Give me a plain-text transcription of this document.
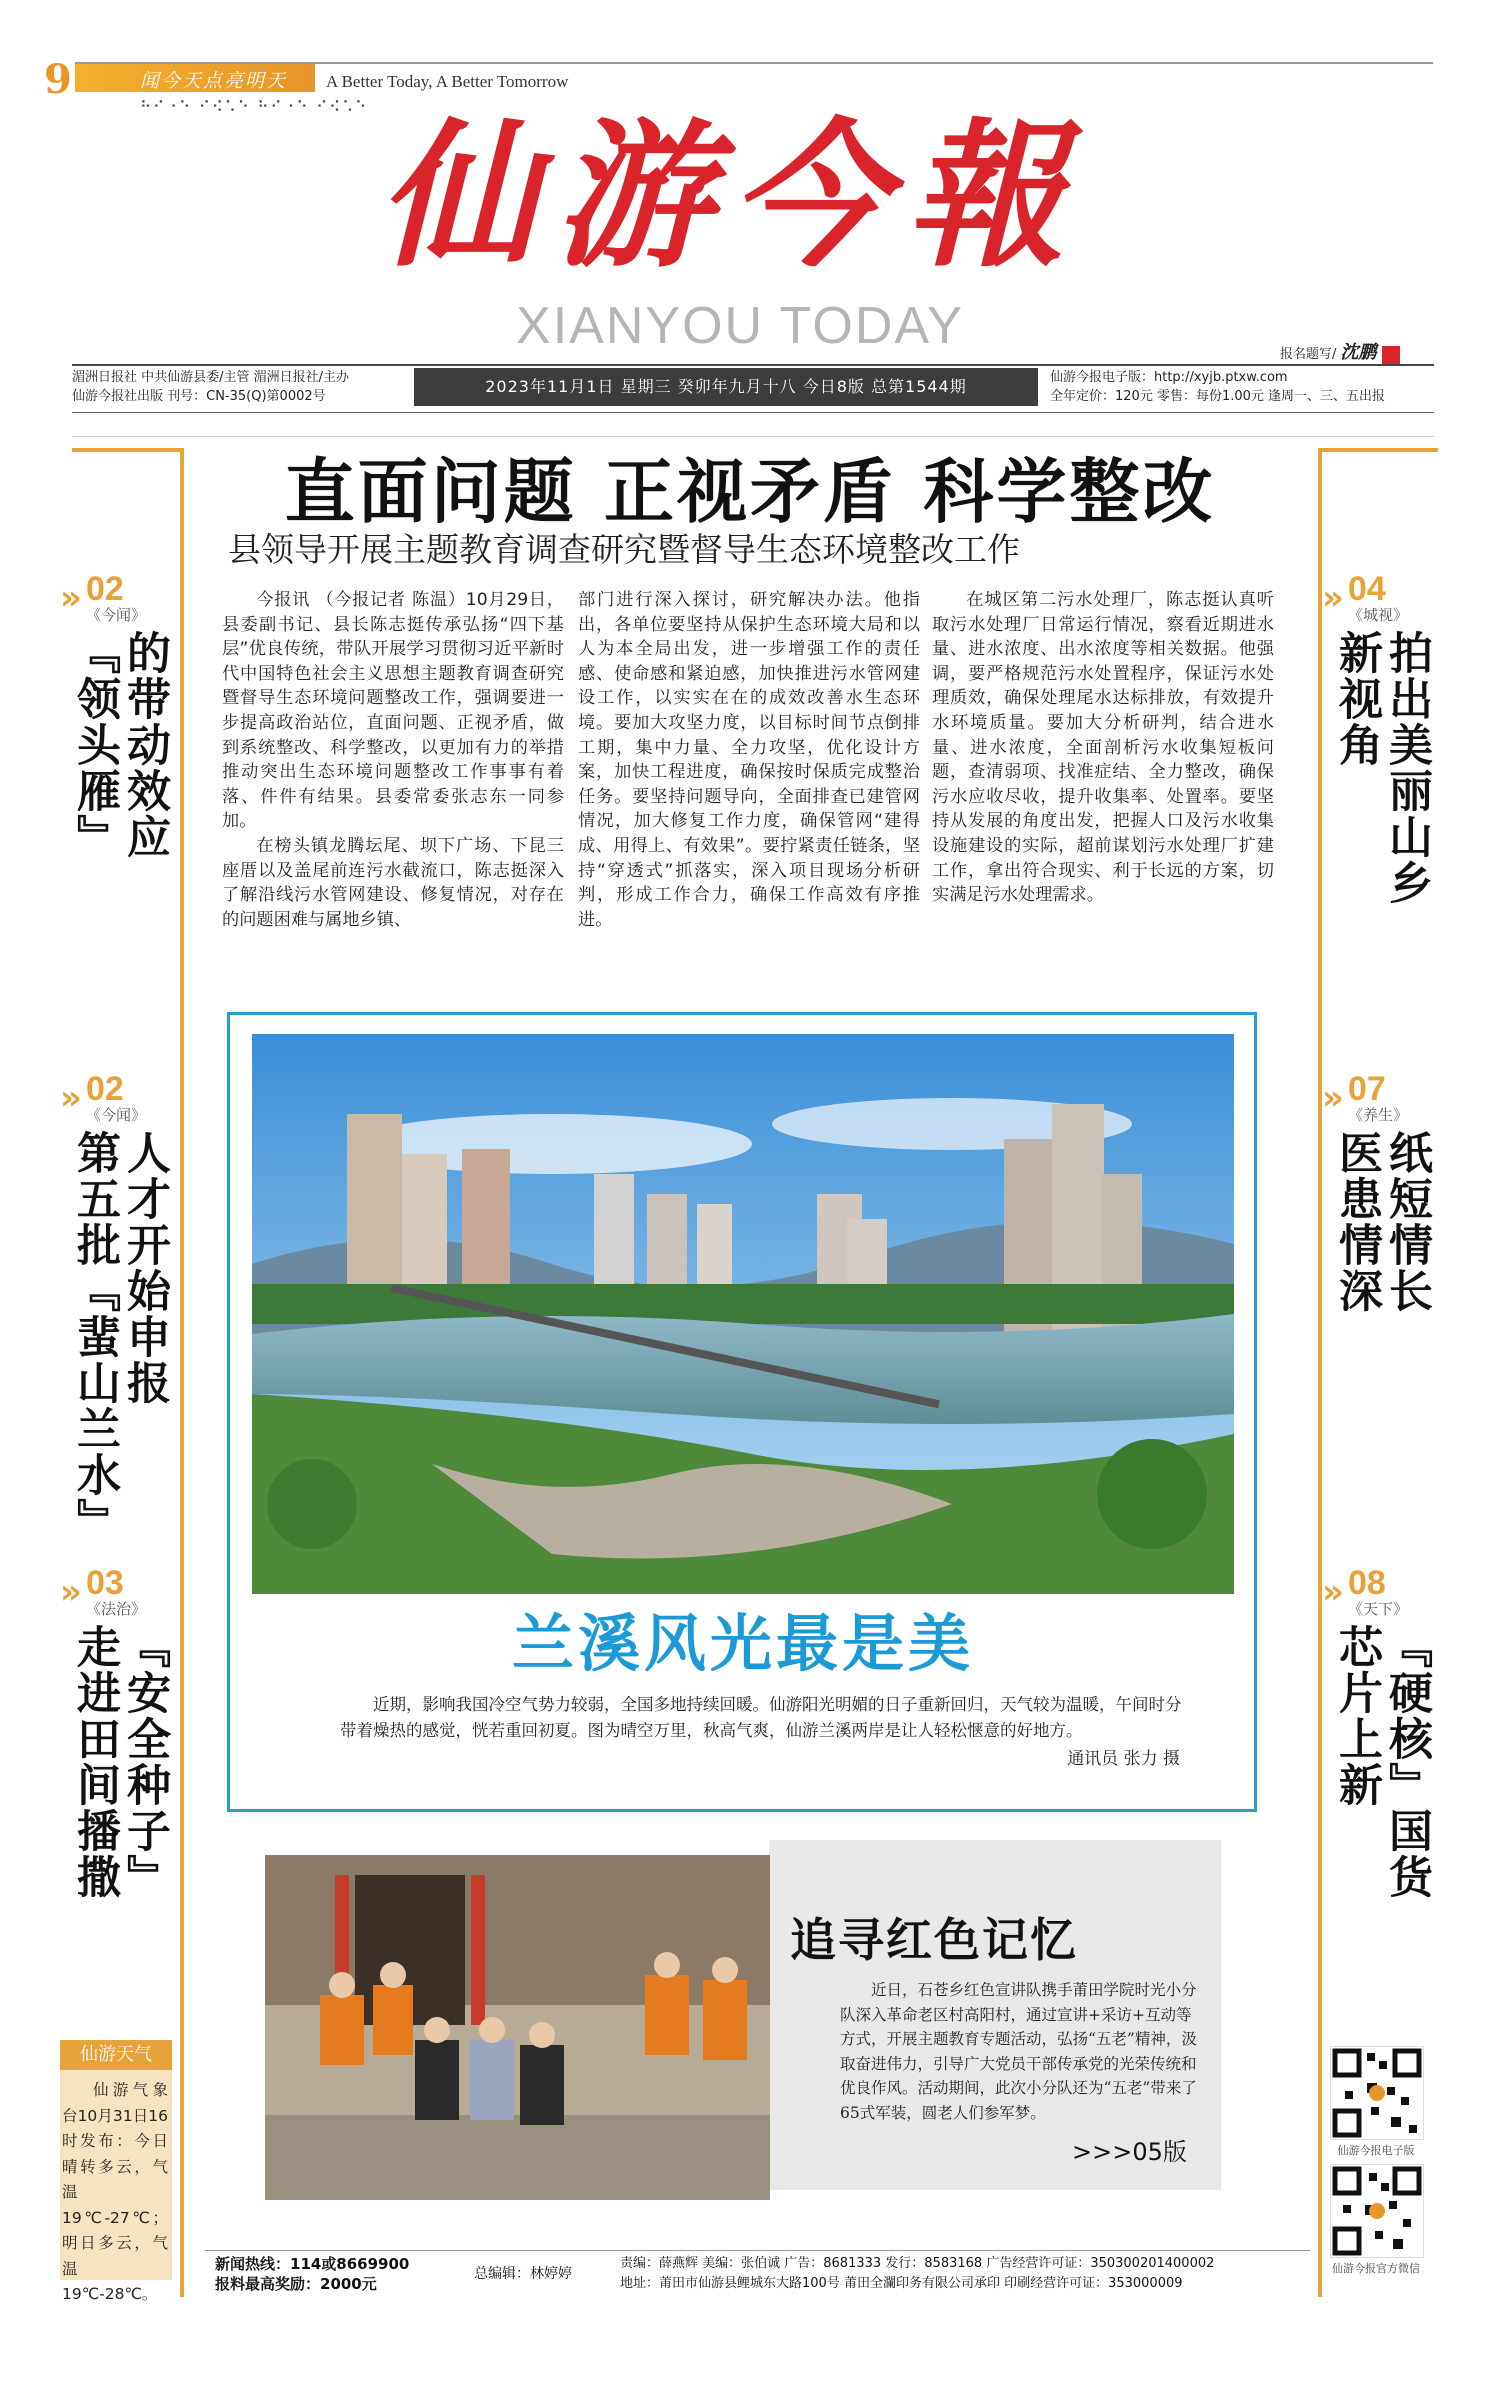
9	闻今天点亮明天 A Better Today, A Better Tomorrow
⠓⠊⠐⠑ ⠊⠪⠡⠑ ⠓⠊⠐⠑ ⠊⠪⠡⠑ 仙游今報
XIANYOU TODAY	报名题写/ 沈鹏
湄洲日报社 中共仙游县委/主管 湄洲日报社/主办
仙游今报社出版 刊号：CN-35(Q)第0002号
2023年11月1日 星期三 癸卯年九月十八 今日8版 总第1544期	仙游今报电子版：http://xyjb.ptxw.com
全年定价：120元 零售：每份1.00元 逢周一、三、五出报
» 02
《今闻》
的带动效应
『领头雁』
» 02
《今闻》
人才开始申报
第五批『蜚山兰水』
» 03
《法治》
『安全种子』
走进田间播撒
» 04
《城视》
拍出美丽山乡
新视角
» 07
《养生》
纸短情长
医患情深
» 08
《天下》
『硬核』国货
芯片上新
直面问题 正视矛盾 科学整改
县领导开展主题教育调查研究暨督导生态环境整改工作

今报讯 （今报记者 陈温）10月29日，县委副书记、县长陈志挺传承弘扬“四下基层”优良传统，带队开展学习贯彻习近平新时代中国特色社会主义思想主题教育调查研究暨督导生态环境问题整改工作，强调要进一步提高政治站位，直面问题、正视矛盾，做到系统整改、科学整改，以更加有力的举措推动突出生态环境问题整改工作事事有着落、件件有结果。县委常委张志东一同参加。

在榜头镇龙腾坛尾、坝下广场、下昆三座厝以及盖尾前连污水截流口，陈志挺深入了解沿线污水管网建设、修复情况，对存在的问题困难与属地乡镇、

部门进行深入探讨，研究解决办法。他指出，各单位要坚持从保护生态环境大局和以人为本全局出发，进一步增强工作的责任感、使命感和紧迫感，加快推进污水管网建设工作，以实实在在的成效改善水生态环境。要加大攻坚力度，以目标时间节点倒排工期，集中力量、全力攻坚，优化设计方案，加快工程进度，确保按时保质完成整治任务。要坚持问题导向，全面排查已建管网情况，加大修复工作力度，确保管网“建得成、用得上、有效果”。要拧紧责任链条，坚持“穿透式”抓落实，深入项目现场分析研判，形成工作合力，确保工作高效有序推进。

在城区第二污水处理厂，陈志挺认真听取污水处理厂日常运行情况，察看近期进水量、进水浓度、出水浓度等相关数据。他强调，要严格规范污水处置程序，保证污水处理质效，确保处理尾水达标排放，有效提升水环境质量。要加大分析研判，结合进水量、进水浓度，全面剖析污水收集短板问题，查清弱项、找准症结、全力整改，确保污水应收尽收，提升收集率、处置率。要坚持从发展的角度出发，把握人口及污水收集设施建设的实际，超前谋划污水处理厂扩建工作，拿出符合现实、利于长远的方案，切实满足污水处理需求。

兰溪风光最是美
近期，影响我国冷空气势力较弱，全国多地持续回暖。仙游阳光明媚的日子重新回归，天气较为温暖，午间时分带着燥热的感觉，恍若重回初夏。图为晴空万里，秋高气爽，仙游兰溪两岸是让人轻松惬意的好地方。
通讯员 张力 摄
追寻红色记忆
近日，石苍乡红色宣讲队携手莆田学院时光小分队深入革命老区村高阳村，通过宣讲+采访+互动等方式，开展主题教育专题活动，弘扬“五老”精神，汲取奋进伟力，引导广大党员干部传承党的光荣传统和优良作风。活动期间，此次小分队还为“五老”带来了65式军装，圆老人们参军梦。
>>>05版
仙游天气
仙游气象台10月31日16时发布：今日晴转多云，气温19℃-27℃；明日多云，气温19℃-28℃。
仙游今报电子版
仙游今报官方微信
新闻热线：114或8669900
报料最高奖励：2000元
总编辑：林婷婷
责编：薛燕辉 美编：张伯诚 广告：8681333 发行：8583168 广告经营许可证：350300201400002
地址：莆田市仙游县鲤城东大路100号 莆田全瀾印务有限公司承印 印刷经营许可证：353000009
